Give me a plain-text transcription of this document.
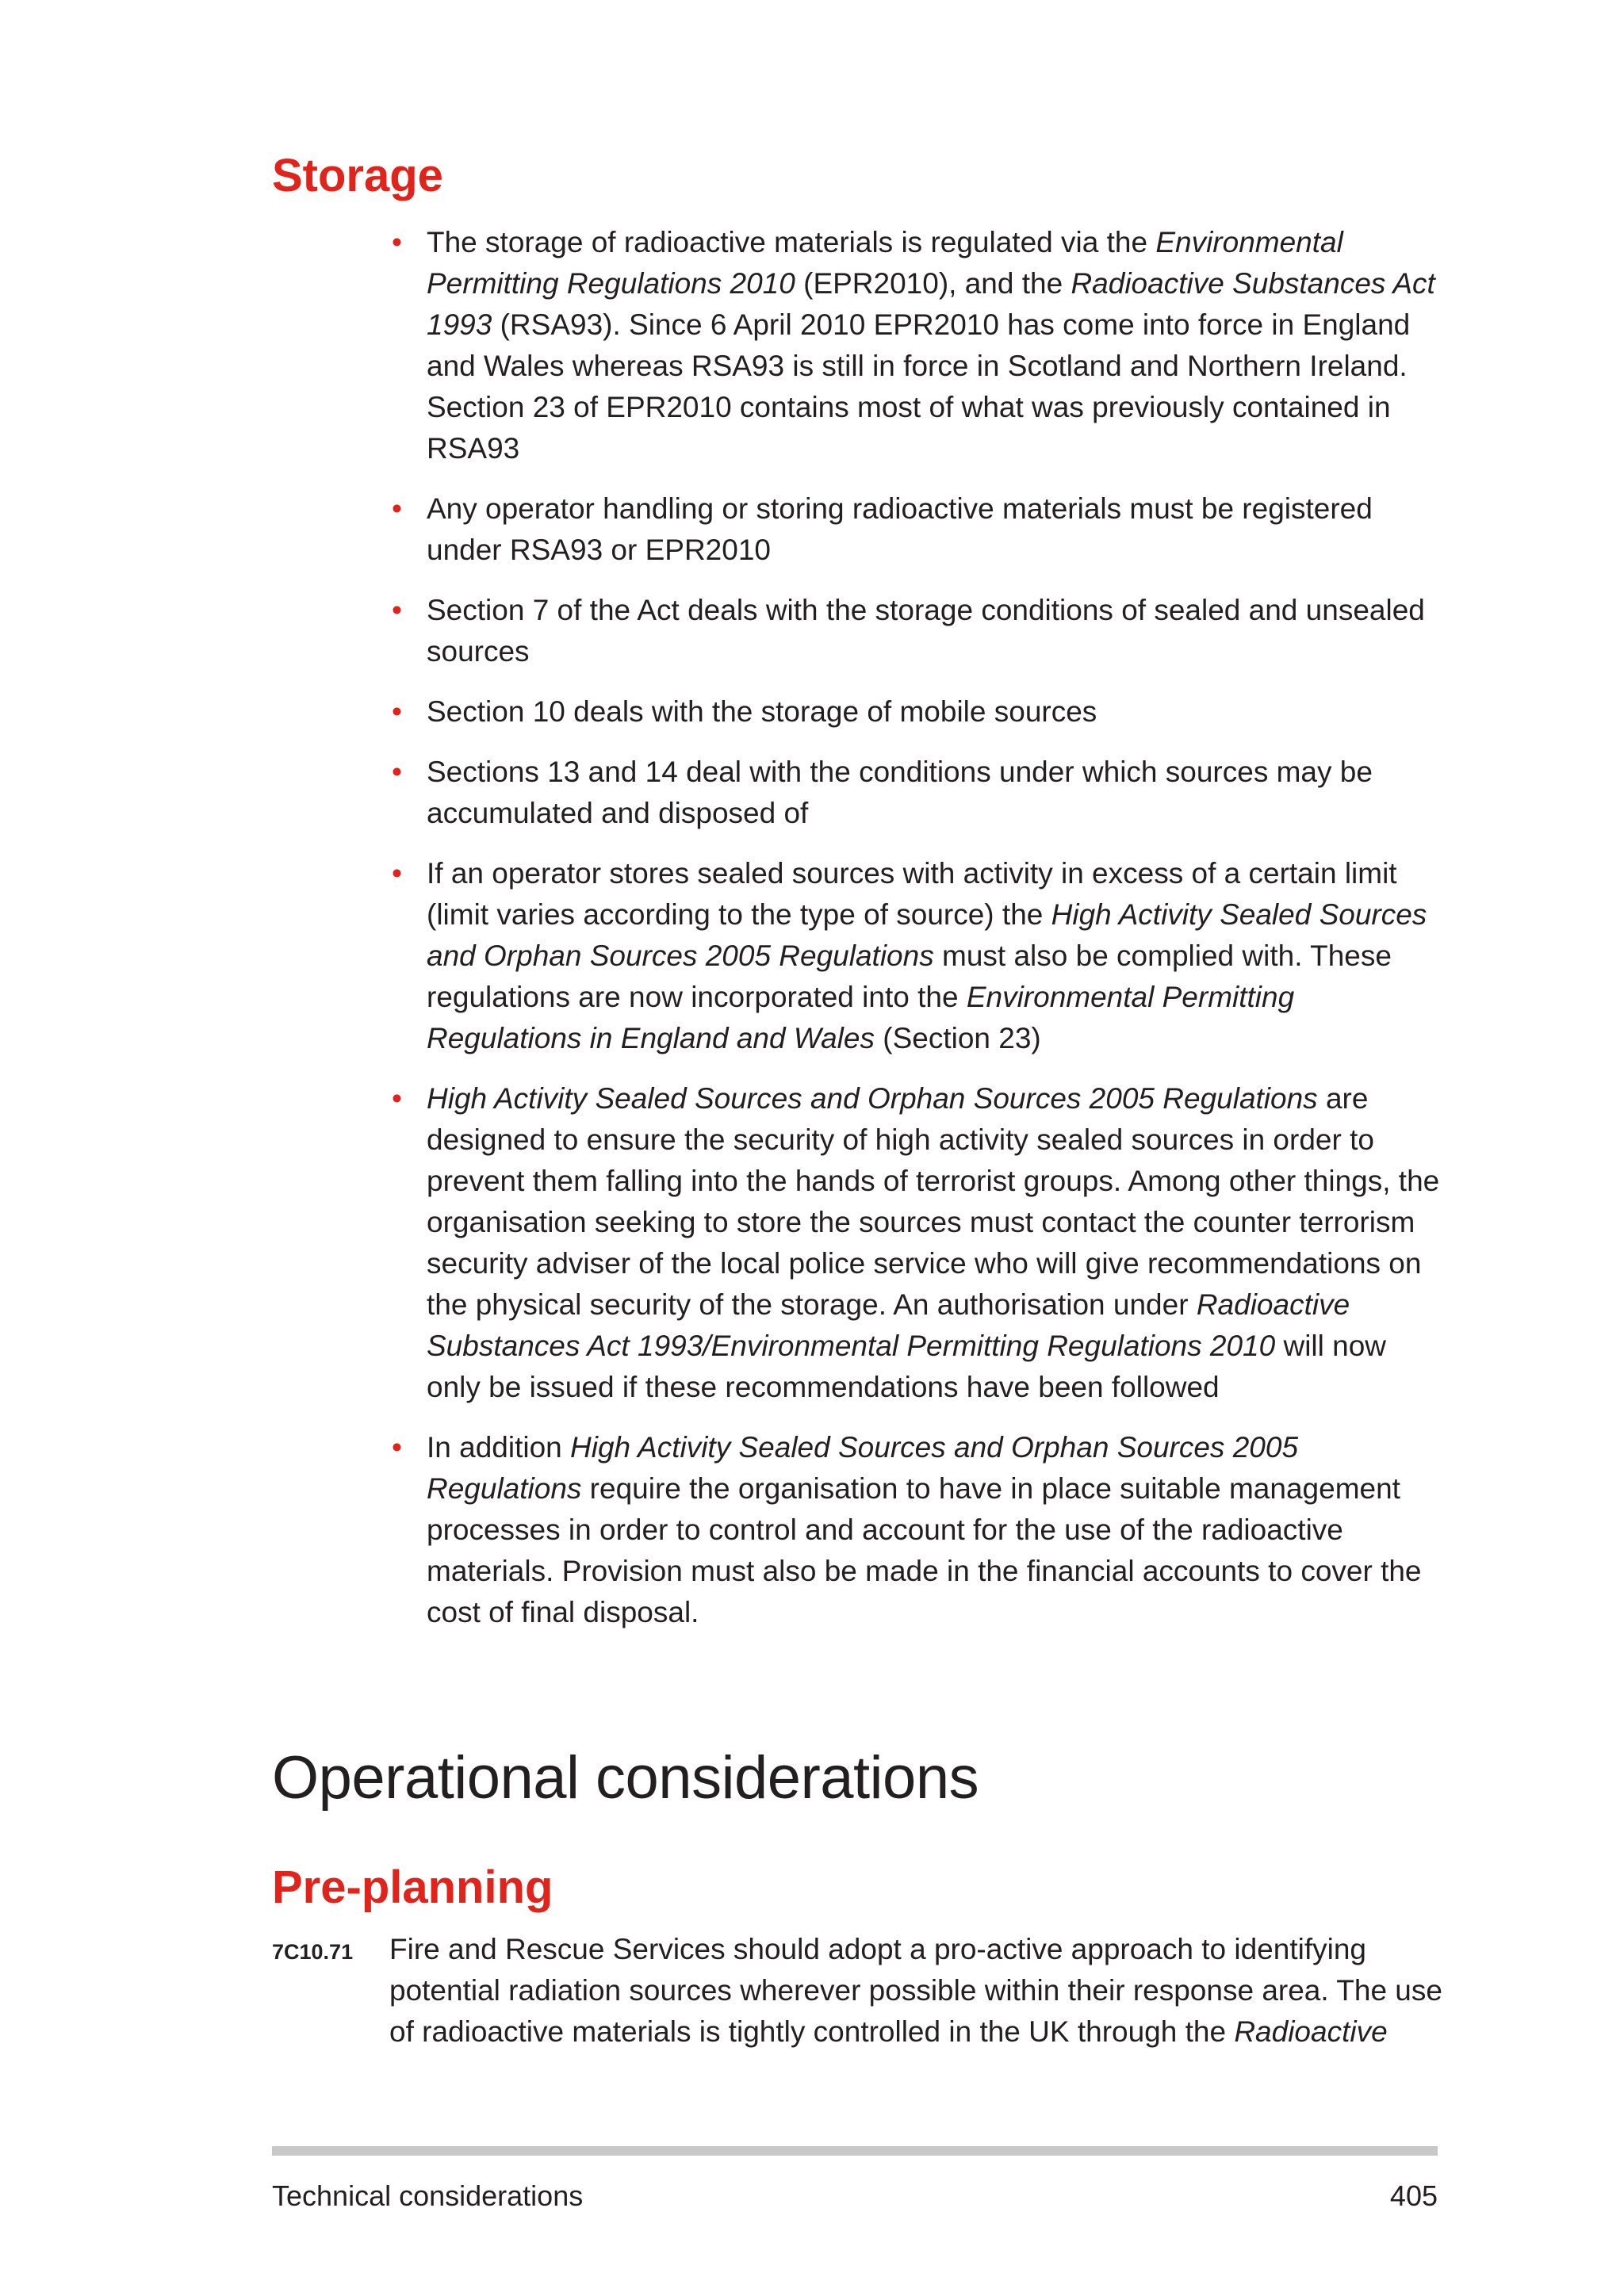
Storage
• The storage of radioactive materials is regulated via the Environmental Permitting Regulations 2010 (EPR2010), and the Radioactive Substances Act 1993 (RSA93). Since 6 April 2010 EPR2010 has come into force in England and Wales whereas RSA93 is still in force in Scotland and Northern Ireland. Section 23 of EPR2010 contains most of what was previously contained in RSA93
• Any operator handling or storing radioactive materials must be registered under RSA93 or EPR2010
• Section 7 of the Act deals with the storage conditions of sealed and unsealed sources
• Section 10 deals with the storage of mobile sources
• Sections 13 and 14 deal with the conditions under which sources may be accumulated and disposed of
• If an operator stores sealed sources with activity in excess of a certain limit (limit varies according to the type of source) the High Activity Sealed Sources and Orphan Sources 2005 Regulations must also be complied with. These regulations are now incorporated into the Environmental Permitting Regulations in England and Wales (Section 23)
• High Activity Sealed Sources and Orphan Sources 2005 Regulations are designed to ensure the security of high activity sealed sources in order to prevent them falling into the hands of terrorist groups. Among other things, the organisation seeking to store the sources must contact the counter terrorism security adviser of the local police service who will give recommendations on the physical security of the storage. An authorisation under Radioactive Substances Act 1993/Environmental Permitting Regulations 2010 will now only be issued if these recommendations have been followed
• In addition High Activity Sealed Sources and Orphan Sources 2005 Regulations require the organisation to have in place suitable management processes in order to control and account for the use of the radioactive materials. Provision must also be made in the financial accounts to cover the cost of final disposal.
Operational considerations
Pre-planning
7C10.71 Fire and Rescue Services should adopt a pro-active approach to identifying potential radiation sources wherever possible within their response area. The use of radioactive materials is tightly controlled in the UK through the Radioactive
Technical considerations	405
